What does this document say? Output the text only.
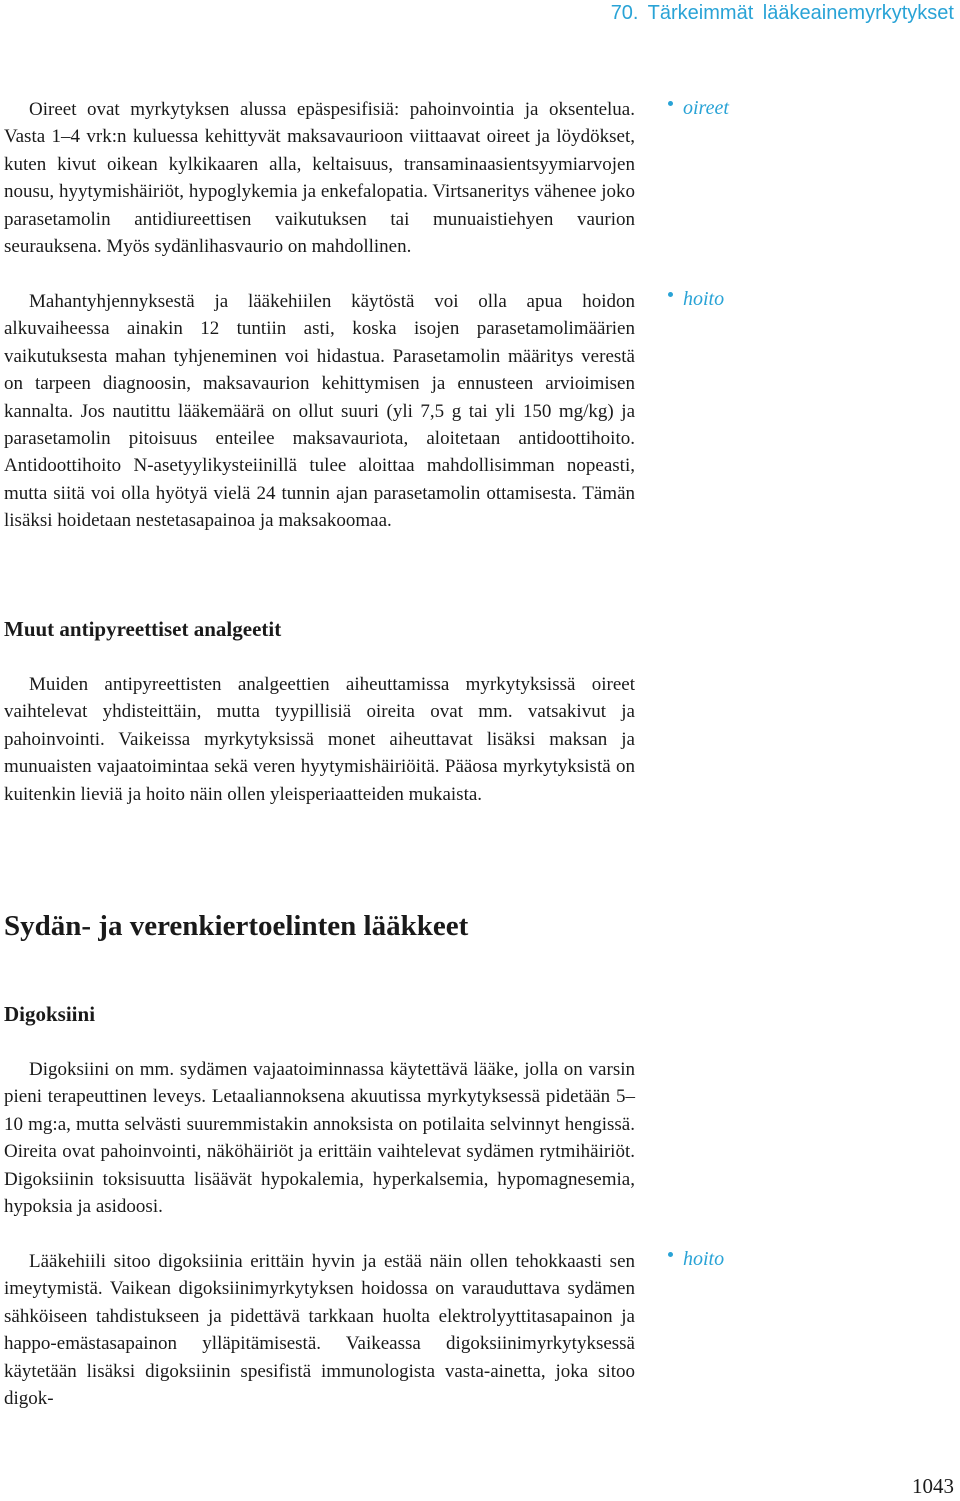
70. Tärkeimmät lääkeainemyrkytykset

Oireet ovat myrkytyksen alussa epäspesifisiä: pahoinvointia ja oksentelua. Vasta 1–4 vrk:n kuluessa kehittyvät maksavaurioon viittaavat oireet ja löydökset, kuten kivut oikean kylkikaaren alla, keltaisuus, transaminaasientsyymiarvojen nousu, hyytymishäiriöt, hypoglykemia ja enkefalopatia. Virtsaneritys vähenee joko parasetamolin antidiureettisen vaikutuksen tai munuaistiehyen vaurion seurauksena. Myös sydänlihasvaurio on mahdollinen.

Mahantyhjennyksestä ja lääkehiilen käytöstä voi olla apua hoidon alkuvaiheessa ainakin 12 tuntiin asti, koska isojen parasetamolimäärien vaikutuksesta mahan tyhjeneminen voi hidastua. Parasetamolin määritys verestä on tarpeen diagnoosin, maksavaurion kehittymisen ja ennusteen arvioimisen kannalta. Jos nautittu lääkemäärä on ollut suuri (yli 7,5 g tai yli 150 mg/kg) ja parasetamolin pitoisuus enteilee maksavauriota, aloitetaan antidoottihoito. Antidoottihoito N-asetyylikysteiinillä tulee aloittaa mahdollisimman nopeasti, mutta siitä voi olla hyötyä vielä 24 tunnin ajan parasetamolin ottamisesta. Tämän lisäksi hoidetaan nestetasapainoa ja maksakoomaa.

Muut antipyreettiset analgeetit

Muiden antipyreettisten analgeettien aiheuttamissa myrkytyksissä oireet vaihtelevat yhdisteittäin, mutta tyypillisiä oireita ovat mm. vatsakivut ja pahoinvointi. Vaikeissa myrkytyksissä monet aiheuttavat lisäksi maksan ja munuaisten vajaatoimintaa sekä veren hyytymishäiriöitä. Pääosa myrkytyksistä on kuitenkin lieviä ja hoito näin ollen yleisperiaatteiden mukaista.

Sydän- ja verenkiertoelinten lääkkeet
Digoksiini

Digoksiini on mm. sydämen vajaatoiminnassa käytettävä lääke, jolla on varsin pieni terapeuttinen leveys. Letaaliannoksena akuutissa myrkytyksessä pidetään 5–10 mg:a, mutta selvästi suuremmistakin annoksista on potilaita selvinnyt hengissä. Oireita ovat pahoinvointi, näköhäiriöt ja erittäin vaihtelevat sydämen rytmihäiriöt. Digoksiinin toksisuutta lisäävät hypokalemia, hyperkalsemia, hypomagnesemia, hypoksia ja asidoosi.

Lääkehiili sitoo digoksiinia erittäin hyvin ja estää näin ollen tehokkaasti sen imeytymistä. Vaikean digoksiinimyrkytyksen hoidossa on varauduttava sydämen sähköiseen tahdistukseen ja pidettävä tarkkaan huolta elektrolyyttitasapainon ja happo-emästasapainon ylläpitämisestä. Vaikeassa digoksiinimyrkytyksessä käytetään lisäksi digoksiinin spesifistä immunologista vasta-ainetta, joka sitoo digok-

oireet
hoito
hoito
1043
